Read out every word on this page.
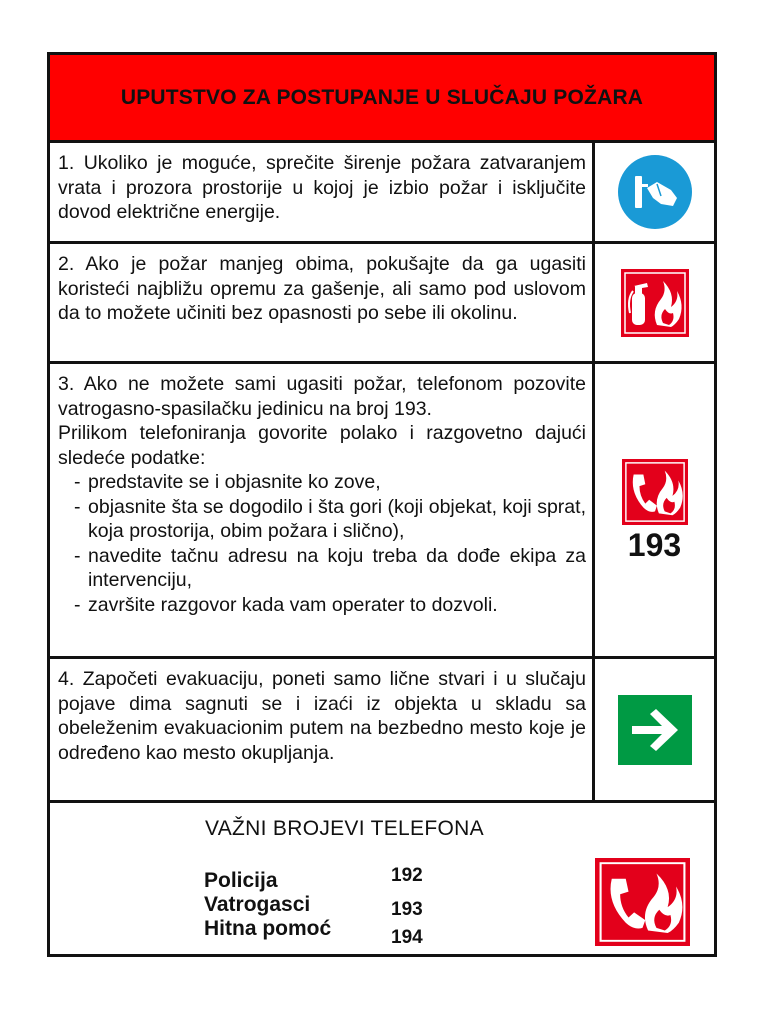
UPUTSTVO ZA POSTUPANJE U SLUČAJU POŽARA

1. Ukoliko je moguće, sprečite širenje požara zatvaranjem vrata i prozora prostorije u kojoj je izbio požar i isključite dovod električne energije.

2. Ako je požar manjeg obima, pokušajte da ga ugasiti koristeći najbližu opremu za gašenje, ali samo pod uslovom da to možete učiniti bez opasnosti po sebe ili okolinu.

3. Ako ne možete sami ugasiti požar, telefonom pozovite vatrogasno-spasilačku jedinicu na broj 193.

Prilikom telefoniranja govorite polako i razgovetno dajući sledeće podatke:

- predstavite se i objasnite ko zove,
- objasnite šta se dogodilo i šta gori (koji objekat, koji sprat, koja prostorija, obim požara i slično),
- navedite tačnu adresu na koju treba da dođe ekipa za intervenciju,
- završite razgovor kada vam operater to dozvoli.
193

4. Započeti evakuaciju, poneti samo lične stvari i u slučaju pojave dima sagnuti se i izaći iz objekta u skladu sa obeleženim evakuacionim putem na bezbedno mesto koje je određeno kao mesto okupljanja.

VAŽNI BROJEVI TELEFONA
Policija	192
Vatrogasci	193
Hitna pomoć	194
